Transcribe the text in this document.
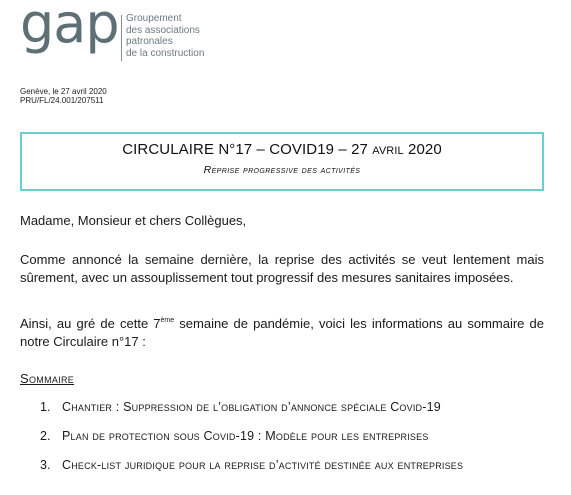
gap Groupement
des associations
patronales
de la construction
Genève, le 27 avril 2020
PRU/FL/24.001/207511
CIRCULAIRE N°17 – COVID19 – 27 avril 2020
Reprise progressive des activités
Madame, Monsieur et chers Collègues,
Comme annoncé la semaine dernière, la reprise des activités se veut lentement mais sûrement, avec un assouplissement tout progressif des mesures sanitaires imposées.
Ainsi, au gré de cette 7ème semaine de pandémie, voici les informations au sommaire de notre Circulaire n°17 :
Sommaire
1. Chantier : Suppression de l’obligation d’annonce spéciale Covid-19
2. Plan de protection sous Covid-19 : Modèle pour les entreprises
3. Check-list juridique pour la reprise d’activité destinée aux entreprises
